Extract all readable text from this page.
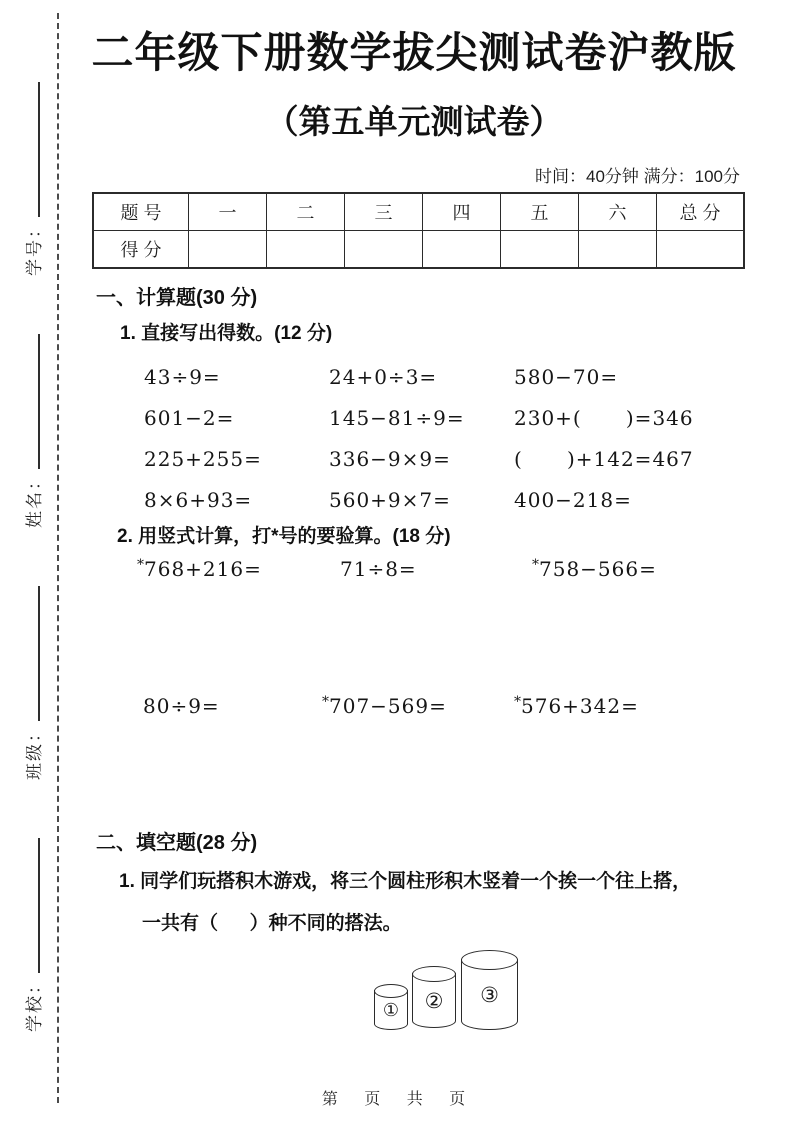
学校：
班级：
姓名：
学号：
二年级下册数学拔尖测试卷沪教版
（第五单元测试卷）
时间：40分钟 满分：100分
题 号	一	二	三	四	五	六	总 分
得 分							
一、计算题(30 分)
1. 直接写出得数。(12 分)
43÷9=	24+0÷3=	580−70=
601−2=	145−81÷9=	230+(      )=346
225+255=	336−9×9=	(      )+142=467
8×6+93=	560+9×7=	400−218=
2. 用竖式计算，打*号的要验算。(18 分)
*768+216=	71÷8=	*758−566=
80÷9=	*707−569=	*576+342=
二、填空题(28 分)
1. 同学们玩搭积木游戏，将三个圆柱形积木竖着一个挨一个往上搭，
一共有（      ）种不同的搭法。
① ② ③
第 页 共 页
